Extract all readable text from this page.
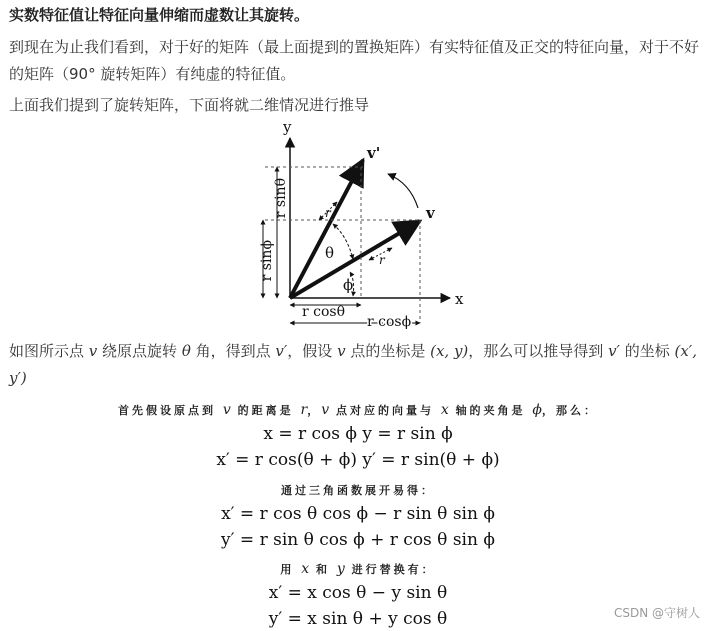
实数特征值让特征向量伸缩而虚数让其旋转。
到现在为止我们看到，对于好的矩阵（最上面提到的置换矩阵）有实特征值及正交的特征向量，对于不好的矩阵（90° 旋转矩阵）有纯虚的特征值。
上面我们提到了旋转矩阵，下面将就二维情况进行推导
y
x
v'
v
r
r
θ
ϕ
r sinθ
r sinϕ
r cosθ
r cosϕ
如图所示点 v 绕原点旋转 θ 角，得到点 v′，假设 v 点的坐标是 (x, y)，那么可以推导得到 v′ 的坐标 (x′, y′)
首先假设原点到 v 的距离是 r，v 点对应的向量与 x 轴的夹角是 ϕ，那么：
x = r cos ϕ y = r sin ϕ
x′ = r cos(θ + ϕ) y′ = r sin(θ + ϕ)
通过三角函数展开易得：
x′ = r cos θ cos ϕ − r sin θ sin ϕ
y′ = r sin θ cos ϕ + r cos θ sin ϕ
用 x 和 y 进行替换有：
x′ = x cos θ − y sin θ
y′ = x sin θ + y cos θ	CSDN @守树人
